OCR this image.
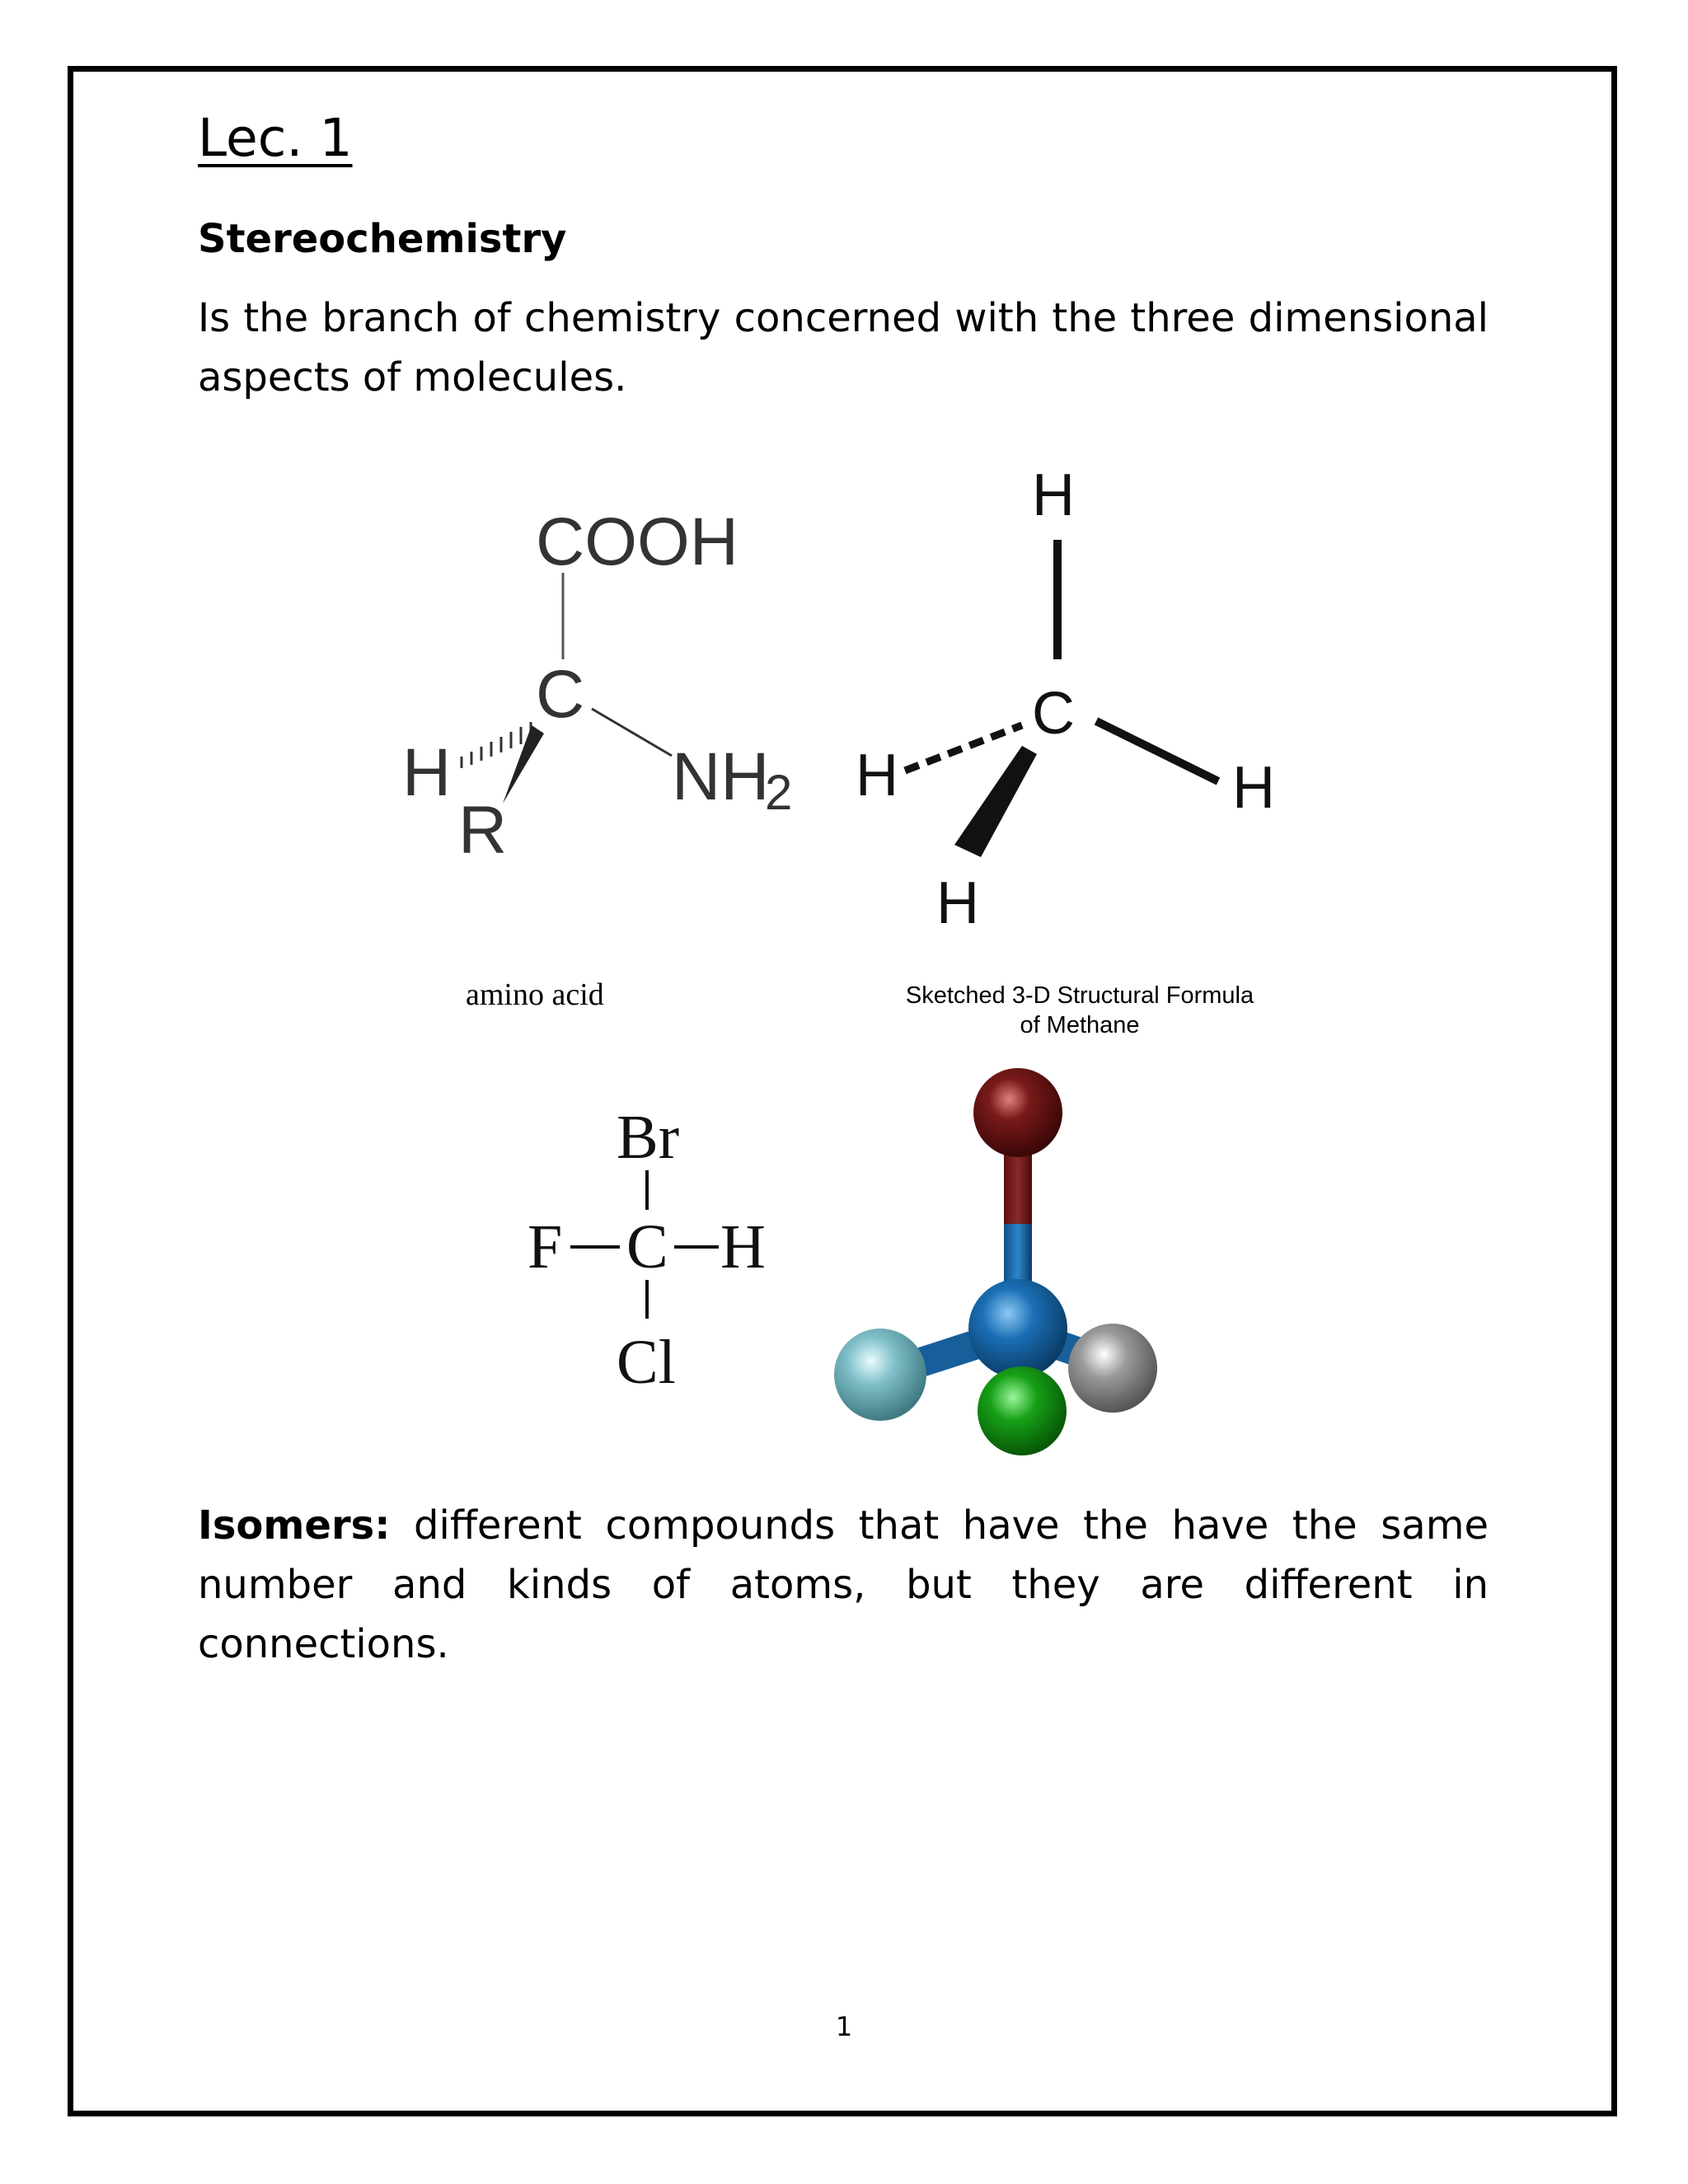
Lec. 1
Stereochemistry
Is the branch of chemistry concerned with the three dimensional aspects of molecules.
COOH
C
NH
2
H
R
amino acid
H
C
H
H
H
Sketched 3-D Structural Formula
of Methane
Br
F C H
Cl
Isomers: different compounds that have the have the same number and kinds of atoms, but they are different in connections.
1
